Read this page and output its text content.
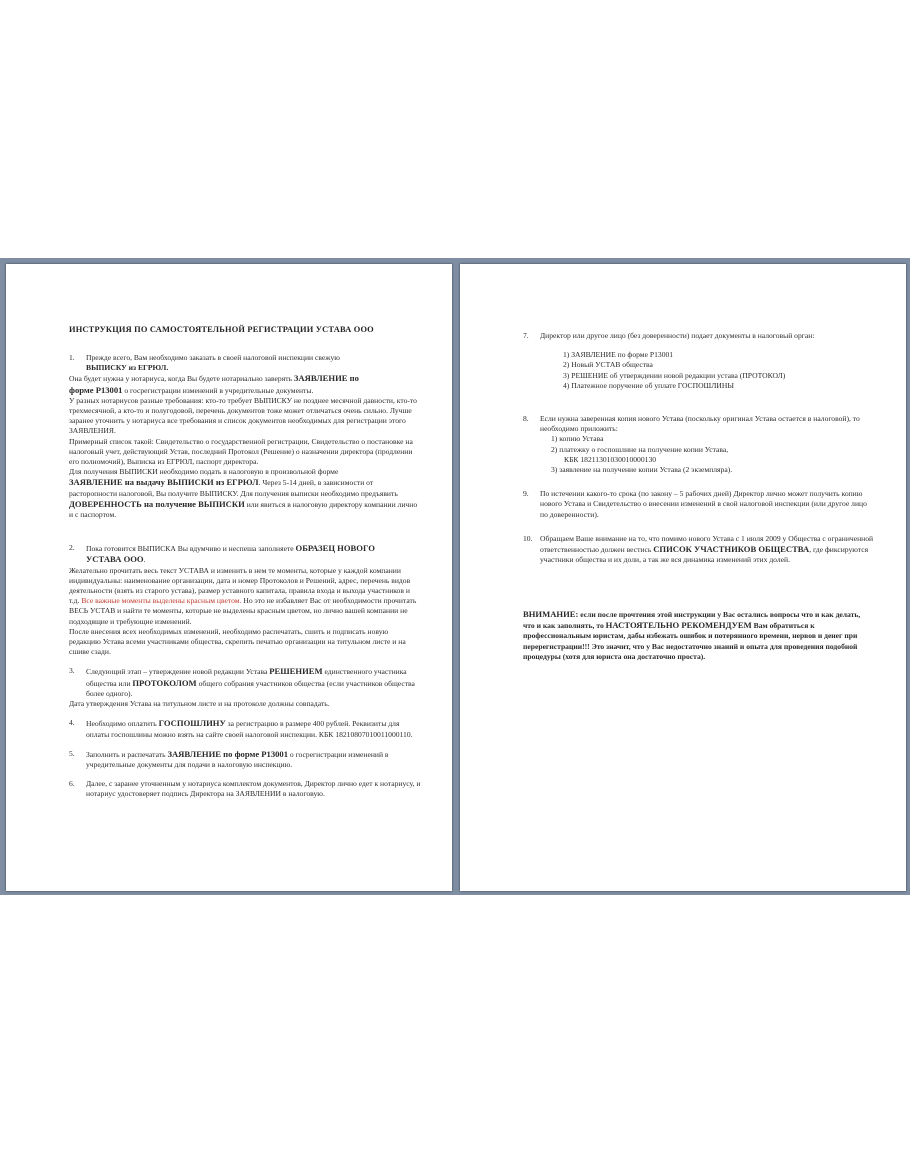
ИНСТРУКЦИЯ ПО САМОСТОЯТЕЛЬНОЙ РЕГИСТРАЦИИ УСТАВА ООО
1.	Прежде всего, Вам необходимо заказать в своей налоговой инспекции свежую
ВЫПИСКУ из ЕГРЮЛ.

Она будет нужна у нотариуса, когда Вы будете нотариально заверять ЗАЯВЛЕНИЕ по

форме Р13001 о госрегистрации изменений в учредительные документы.

У разных нотариусов разные требования: кто-то требует ВЫПИСКУ не позднее месячной давности, кто-то трехмесячной, а кто-то и полугодовой, перечень документов тоже может отличаться очень сильно. Лучше заранее уточнить у нотариуса все требования и список документов необходимых для регистрации этого ЗАЯВЛЕНИЯ.

Примерный список такой: Свидетельство о государственной регистрации, Свидетельство о постановке на налоговый учет, действующий Устав, последний Протокол (Решение) о назначении директора (продлении его полномочий), Выписка из ЕГРЮЛ, паспорт директора.

Для получения ВЫПИСКИ необходимо подать в налоговую в произвольной форме

ЗАЯВЛЕНИЕ на выдачу ВЫПИСКИ из ЕГРЮЛ. Через 5-14 дней, в зависимости от расторопности налоговой, Вы получите ВЫПИСКУ. Для получения выписки необходимо предъявить ДОВЕРЕННОСТЬ на получение ВЫПИСКИ или явиться в налоговую директору компании лично и с паспортом.

2.	Пока готовится ВЫПИСКА Вы вдумчиво и неспеша заполняете ОБРАЗЕЦ НОВОГО
УСТАВА ООО.

Желательно прочитать весь текст УСТАВА и изменить в нем те моменты, которые у каждой компании индивидуальны: наименование организации, дата и номер Протоколов и Решений, адрес, перечень видов деятельности (взять из старого устава), размер уставного капитала, правила входа и выхода участников и т.д. Все важные моменты выделены красным цветом. Но это не избавляет Вас от необходимости прочитать ВЕСЬ УСТАВ и найти те моменты, которые не выделены красным цветом, но лично вашей компании не подходящие и требующие изменений.

После внесения всех необходимых изменений, необходимо распечатать, сшить и подписать новую редакцию Устава всеми участниками общества, скрепить печатью организации на титульном листе и на сшиве сзади.

3.	Следующий этап – утверждение новой редакции Устава РЕШЕНИЕМ единственного участника общества или ПРОТОКОЛОМ общего собрания участников общества (если участников общества более одного).

Дата утверждения Устава на титульном листе и на протоколе должны совпадать.

4.	Необходимо оплатить ГОСПОШЛИНУ за регистрацию в размере 400 рублей. Реквизиты для оплаты госпошлины можно взять на сайте своей налоговой инспекции. КБК 18210807010011000110.
5.	Заполнить и распечатать ЗАЯВЛЕНИЕ по форме Р13001 о госрегистрации изменений в учредительные документы для подачи в налоговую инспекцию.
6.	Далее, с заранее уточненным у нотариуса комплектом документов, Директор лично едет к нотариусу, и нотариус удостоверяет подпись Директора на ЗАЯВЛЕНИИ в налоговую.
7.	Директор или другое лицо (без доверенности) подает документы в налоговый орган:
1) ЗАЯВЛЕНИЕ по форме Р13001
2) Новый УСТАВ общества
3) РЕШЕНИЕ об утверждении новой редакции устава (ПРОТОКОЛ)
4) Платежное поручение об уплате ГОСПОШЛИНЫ
8.	Если нужна заверенная копия нового Устава (поскольку оригинал Устава остается в налоговой), то необходимо приложить:
1) копию Устава
2) платежку о госпошлине на получение копии Устава,
КБК 18211301030010000130
3) заявление на получение копии Устава (2 экземпляра).
9.	По истечении какого-то срока (по закону – 5 рабочих дней) Директор лично может получить копию нового Устава и Свидетельство о внесении изменений в свой налоговой инспекции (или другое лицо по доверенности).
10. Обращаем Ваше внимание на то, что помимо нового Устава с 1 июля 2009 у Общества с ограниченной ответственностью должен вестись СПИСОК УЧАСТНИКОВ ОБЩЕСТВА, где фиксируются участники общества и их доли, а так же вся динамика изменений этих долей.
ВНИМАНИЕ: если после прочтения этой инструкции у Вас остались вопросы что и как делать, что и как заполнять, то НАСТОЯТЕЛЬНО РЕКОМЕНДУЕМ Вам обратиться к профессиональным юристам, дабы избежать ошибок и потерянного времени, нервов и денег при перерегистрации!!! Это значит, что у Вас недостаточно знаний и опыта для проведения подобной процедуры (хотя для юриста она достаточно проста).
